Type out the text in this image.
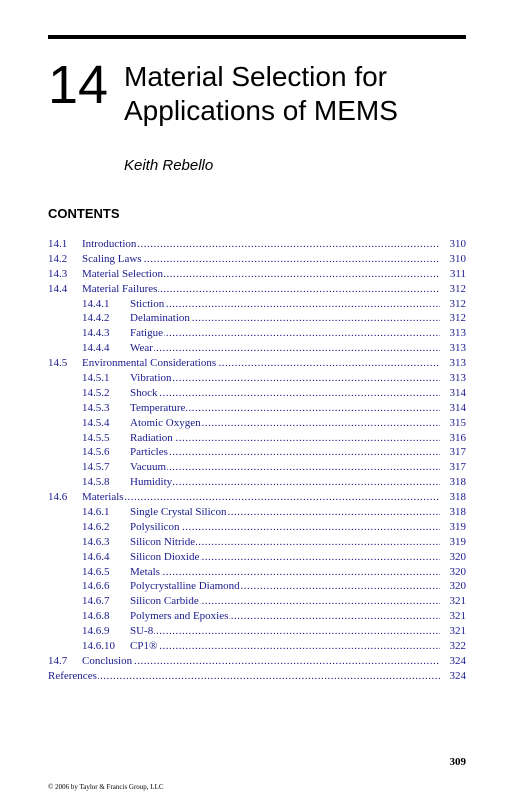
14 Material Selection for
Applications of MEMS
Keith Rebello
CONTENTS
14.1 Introduction .....	310
14.2 Scaling Laws .....	310
14.3 Material Selection .....	311
14.4 Material Failures .....	312
14.4.1 Stiction .....	312
14.4.2 Delamination .....	312
14.4.3 Fatigue .....	313
14.4.4 Wear .....	313
14.5 Environmental Considerations .....	313
14.5.1 Vibration .....	313
14.5.2 Shock .....	314
14.5.3 Temperature .....	314
14.5.4 Atomic Oxygen .....	315
14.5.5 Radiation .....	316
14.5.6 Particles .....	317
14.5.7 Vacuum .....	317
14.5.8 Humidity .....	318
14.6 Materials .....	318
14.6.1 Single Crystal Silicon .....	318
14.6.2 Polysilicon .....	319
14.6.3 Silicon Nitride .....	319
14.6.4 Silicon Dioxide .....	320
14.6.5 Metals .....	320
14.6.6 Polycrystalline Diamond .....	320
14.6.7 Silicon Carbide .....	321
14.6.8 Polymers and Epoxies .....	321
14.6.9 SU-8 .....	321
14.6.10 CP1® .....	322
14.7 Conclusion .....	324
References .....	324
309
© 2006 by Taylor & Francis Group, LLC
